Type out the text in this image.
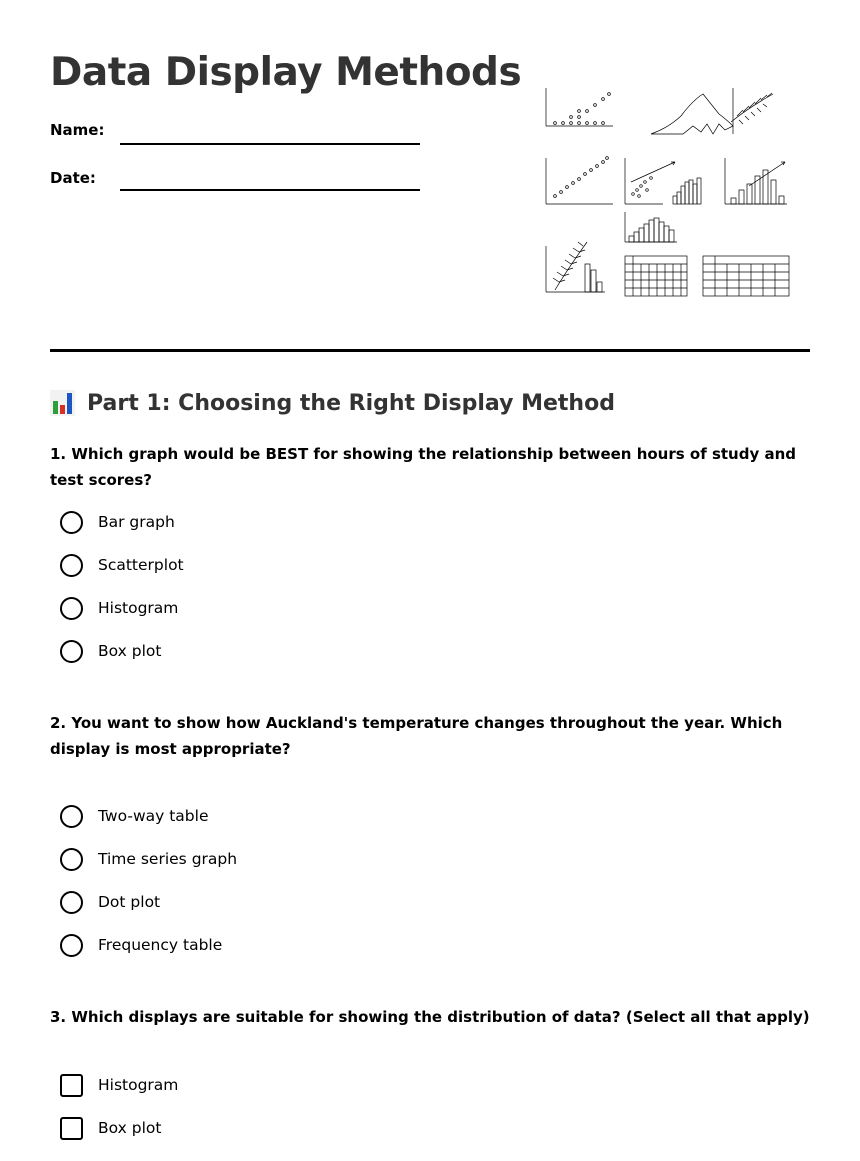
Data Display Methods
Name:
Date:
Part 1: Choosing the Right Display Method

1. Which graph would be BEST for showing the relationship between hours of study and test scores?

Bar graph
Scatterplot
Histogram
Box plot

2. You want to show how Auckland's temperature changes throughout the year. Which display is most appropriate?

Two-way table
Time series graph
Dot plot
Frequency table

3. Which displays are suitable for showing the distribution of data? (Select all that apply)

Histogram
Box plot
